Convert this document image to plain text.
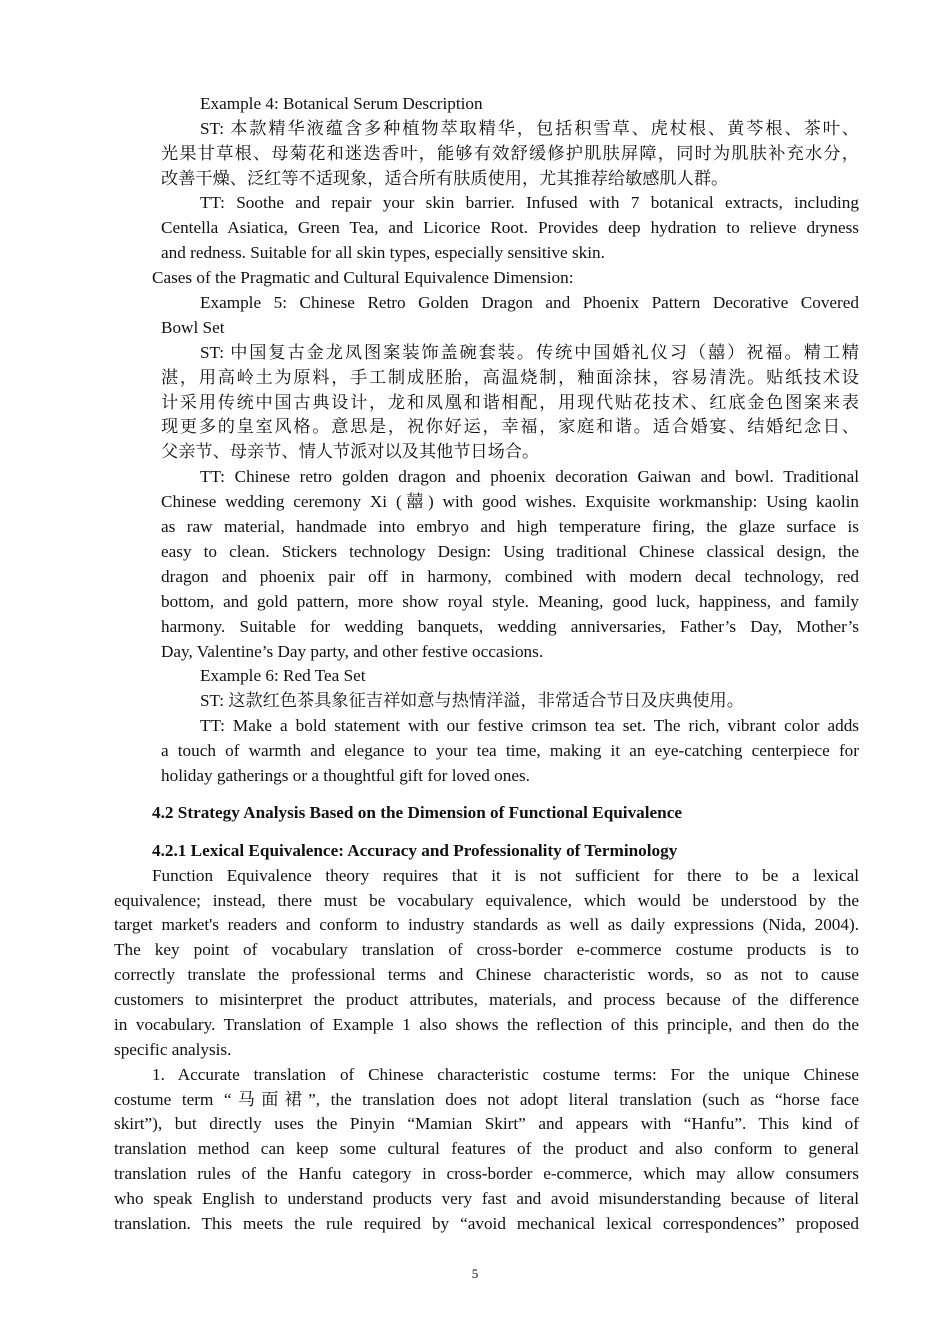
Example 4: Botanical Serum Description

ST: 本款精华液蕴含多种植物萃取精华，包括积雪草、虎杖根、黄芩根、茶叶、

光果甘草根、母菊花和迷迭香叶，能够有效舒缓修护肌肤屏障，同时为肌肤补充水分，

改善干燥、泛红等不适现象，适合所有肤质使用，尤其推荐给敏感肌人群。

TT: Soothe and repair your skin barrier. Infused with 7 botanical extracts, including

Centella Asiatica, Green Tea, and Licorice Root. Provides deep hydration to relieve dryness

and redness. Suitable for all skin types, especially sensitive skin.

Cases of the Pragmatic and Cultural Equivalence Dimension:

Example 5: Chinese Retro Golden Dragon and Phoenix Pattern Decorative Covered

Bowl Set

ST: 中国复古金龙凤图案装饰盖碗套装。传统中国婚礼仪习（囍）祝福。精工精

湛，用高岭土为原料，手工制成胚胎，高温烧制，釉面涂抹，容易清洗。贴纸技术设

计采用传统中国古典设计，龙和凤凰和谐相配，用现代贴花技术、红底金色图案来表

现更多的皇室风格。意思是，祝你好运，幸福，家庭和谐。适合婚宴、结婚纪念日、

父亲节、母亲节、情人节派对以及其他节日场合。

TT: Chinese retro golden dragon and phoenix decoration Gaiwan and bowl. Traditional

Chinese wedding ceremony Xi (囍) with good wishes. Exquisite workmanship: Using kaolin

as raw material, handmade into embryo and high temperature firing, the glaze surface is

easy to clean. Stickers technology Design: Using traditional Chinese classical design, the

dragon and phoenix pair off in harmony, combined with modern decal technology, red

bottom, and gold pattern, more show royal style. Meaning, good luck, happiness, and family

harmony. Suitable for wedding banquets, wedding anniversaries, Father’s Day, Mother’s

Day, Valentine’s Day party, and other festive occasions.

Example 6: Red Tea Set

ST: 这款红色茶具象征吉祥如意与热情洋溢，非常适合节日及庆典使用。

TT: Make a bold statement with our festive crimson tea set. The rich, vibrant color adds

a touch of warmth and elegance to your tea time, making it an eye-catching centerpiece for

holiday gatherings or a thoughtful gift for loved ones.

4.2 Strategy Analysis Based on the Dimension of Functional Equivalence

4.2.1 Lexical Equivalence: Accuracy and Professionality of Terminology

Function Equivalence theory requires that it is not sufficient for there to be a lexical

equivalence; instead, there must be vocabulary equivalence, which would be understood by the

target market's readers and conform to industry standards as well as daily expressions (Nida, 2004).

The key point of vocabulary translation of cross-border e-commerce costume products is to

correctly translate the professional terms and Chinese characteristic words, so as not to cause

customers to misinterpret the product attributes, materials, and process because of the difference

in vocabulary. Translation of Example 1 also shows the reflection of this principle, and then do the

specific analysis.

1. Accurate translation of Chinese characteristic costume terms: For the unique Chinese

costume term “马面裙”, the translation does not adopt literal translation (such as “horse face

skirt”), but directly uses the Pinyin “Mamian Skirt” and appears with “Hanfu”. This kind of

translation method can keep some cultural features of the product and also conform to general

translation rules of the Hanfu category in cross-border e-commerce, which may allow consumers

who speak English to understand products very fast and avoid misunderstanding because of literal

translation. This meets the rule required by “avoid mechanical lexical correspondences” proposed

5
